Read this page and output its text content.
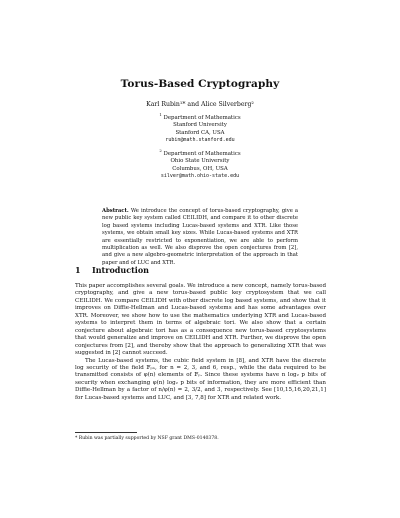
Torus-Based Cryptography
Karl Rubin¹* and Alice Silverberg²
$^1$ Department of Mathematics
Stanford University
Stanford CA, USA
rubin@math.stanford.edu
$^2$ Department of Mathematics
Ohio State University
Columbus, OH, USA
silver@math.ohio-state.edu
Abstract. We introduce the concept of torus-based cryptography, give a new public key system called CEILIDH, and compare it to other discrete log based systems including Lucas-based systems and XTR. Like those systems, we obtain small key sizes. While Lucas-based systems and XTR are essentially restricted to exponentiation, we are able to perform multiplication as well. We also disprove the open conjectures from [2], and give a new algebro-geometric interpretation of the approach in that paper and of LUC and XTR.
1 Introduction

This paper accomplishes several goals. We introduce a new concept, namely torus-based cryptography, and give a new torus-based public key cryptosystem that we call CEILIDH. We compare CEILIDH with other discrete log based systems, and show that it improves on Diffie-Hellman and Lucas-based systems and has some advantages over XTR. Moreover, we show how to use the mathematics underlying XTR and Lucas-based systems to interpret them in terms of algebraic tori. We also show that a certain conjecture about algebraic tori has as a consequence new torus-based cryptosystems that would generalize and improve on CEILIDH and XTR. Further, we disprove the open conjectures from [2], and thereby show that the approach to generalizing XTR that was suggested in [2] cannot succeed.

The Lucas-based systems, the cubic field system in [8], and XTR have the discrete log security of the field 𝔽ₚₙ, for n = 2, 3, and 6, resp., while the data required to be transmitted consists of φ(n) elements of 𝔽ₚ. Since these systems have n log₂ p bits of security when exchanging φ(n) log₂ p bits of information, they are more efficient than Diffie-Hellman by a factor of n/φ(n) = 2, 3/2, and 3, respectively. See [10,15,16,20,21,1] for Lucas-based systems and LUC, and [3, 7,8] for XTR and related work.

* Rubin was partially supported by NSF grant DMS-0140378.
